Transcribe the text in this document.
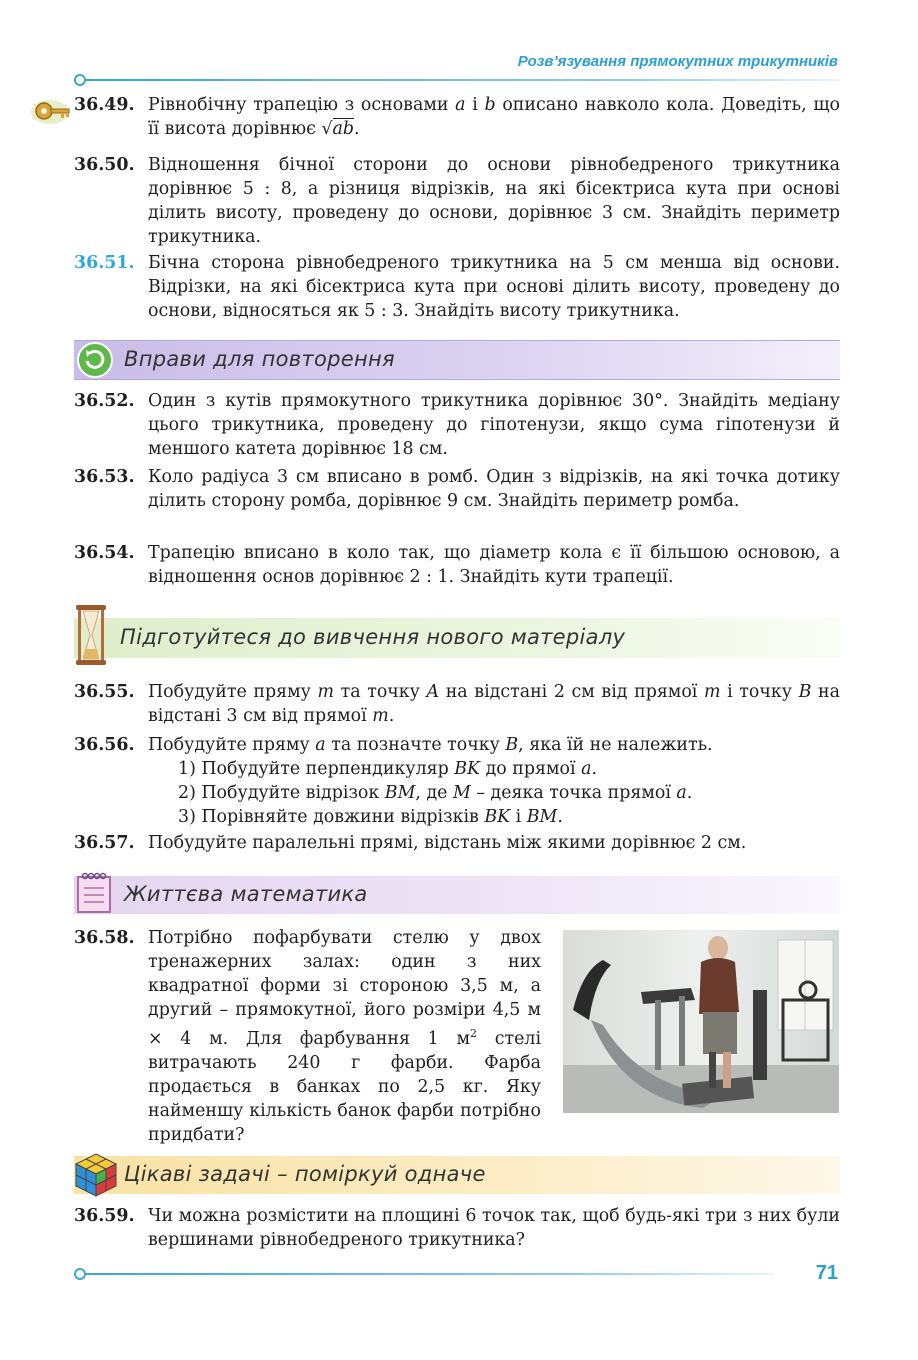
Розв’язування прямокутних трикутників
36.49. Рівнобічну трапецію з основами a і b описано навколо кола. Доведіть, що її висота дорівнює √ab.
36.50. Відношення бічної сторони до основи рівнобедреного трикутника дорівнює 5 : 8, а різниця відрізків, на які бісектриса кута при основі ділить висоту, проведену до основи, дорівнює 3 см. Знайдіть периметр трикутника.
36.51. Бічна сторона рівнобедреного трикутника на 5 см менша від основи. Відрізки, на які бісектриса кута при основі ділить висоту, проведену до основи, відносяться як 5 : 3. Знайдіть висоту трикутника.
Вправи для повторення
36.52. Один з кутів прямокутного трикутника дорівнює 30°. Знайдіть медіану цього трикутника, проведену до гіпотенузи, якщо сума гіпотенузи й меншого катета дорівнює 18 см.
36.53. Коло радіуса 3 см вписано в ромб. Один з відрізків, на які точка дотику ділить сторону ромба, дорівнює 9 см. Знайдіть периметр ромба.
36.54. Трапецію вписано в коло так, що діаметр кола є її більшою основою, а відношення основ дорівнює 2 : 1. Знайдіть кути трапеції.
Підготуйтеся до вивчення нового матеріалу
36.55. Побудуйте пряму m та точку A на відстані 2 см від прямої m і точку B на відстані 3 см від прямої m.
36.56. Побудуйте пряму a та позначте точку B, яка їй не належить.
1) Побудуйте перпендикуляр BK до прямої a.
2) Побудуйте відрізок BM, де M – деяка точка прямої a.
3) Порівняйте довжини відрізків BK і BM.
36.57. Побудуйте паралельні прямі, відстань між якими дорівнює 2 см.
Життєва математика
36.58. Потрібно пофарбувати стелю у двох тренажерних залах: один з них квадратної форми зі стороною 3,5 м, а другий – прямокутної, його розміри 4,5 м × 4 м. Для фарбування 1 $м^2$ стелі витрачають 240 г фарби. Фарба продається в банках по 2,5 кг. Яку найменшу кількість банок фарби потрібно придбати?
Цікаві задачі – поміркуй одначе
36.59. Чи можна розмістити на площині 6 точок так, щоб будь-які три з них були вершинами рівнобедреного трикутника?
71
